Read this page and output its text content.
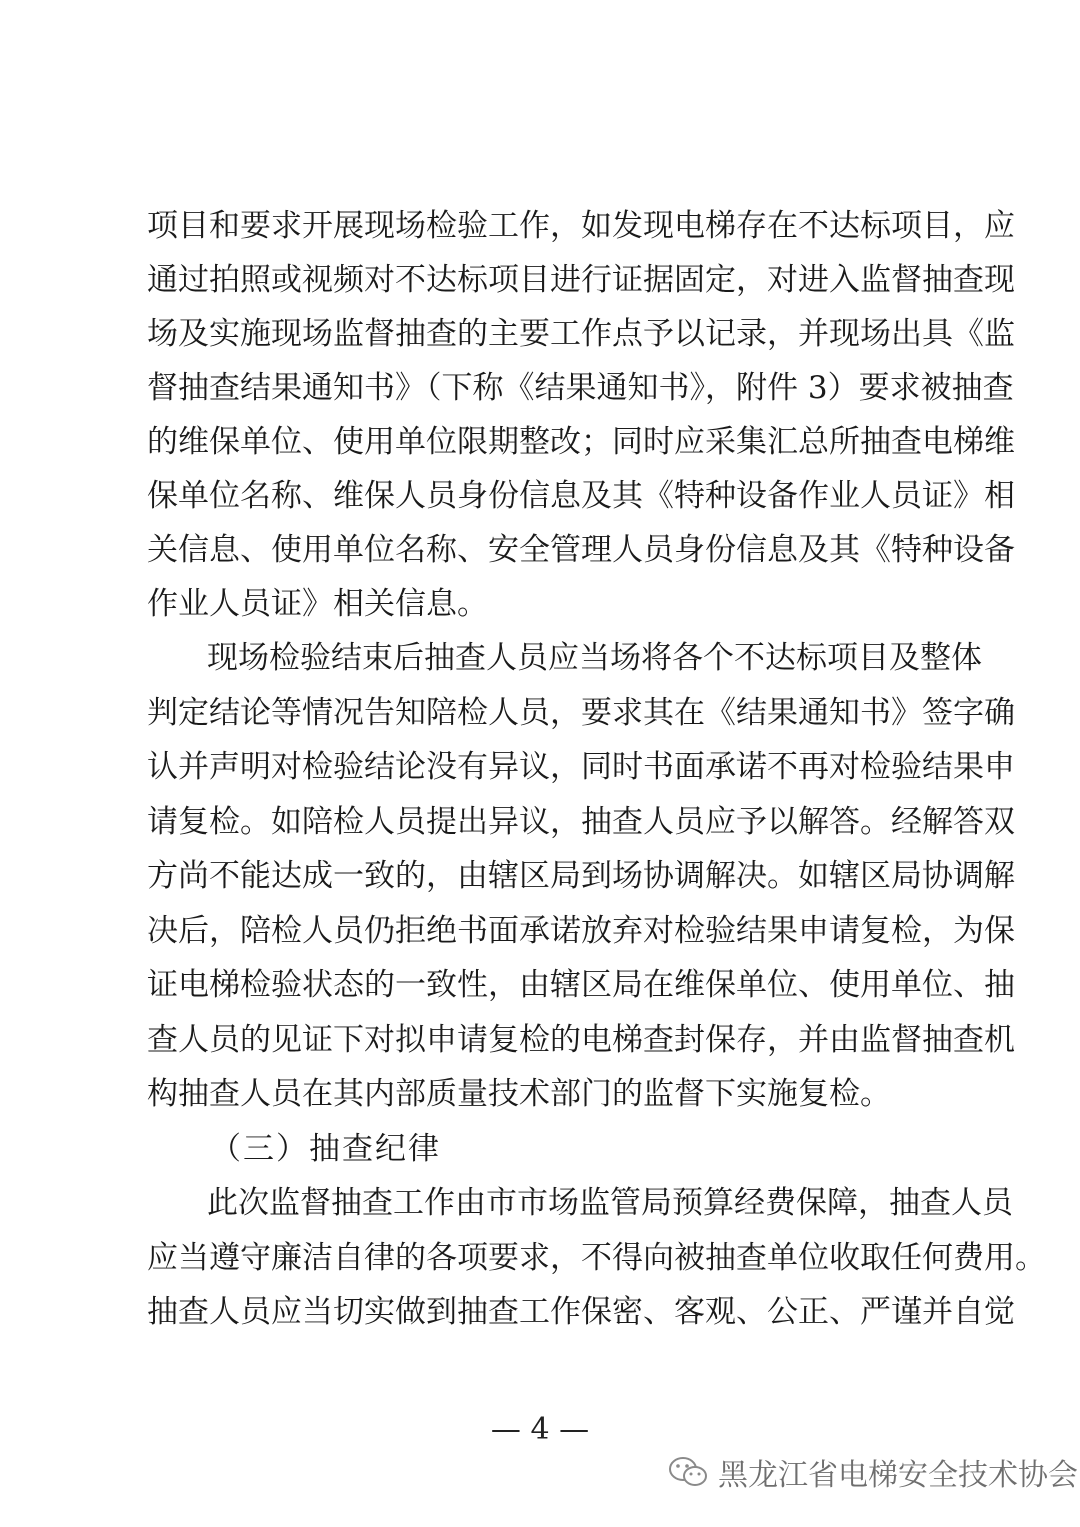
项目和要求开展现场检验工作，如发现电梯存在不达标项目，应
通过拍照或视频对不达标项目进行证据固定，对进入监督抽查现
场及实施现场监督抽查的主要工作点予以记录，并现场出具《监
督抽查结果通知书》（下称《结果通知书》，附件 3）要求被抽查
的维保单位、使用单位限期整改；同时应采集汇总所抽查电梯维
保单位名称、维保人员身份信息及其《特种设备作业人员证》相
关信息、使用单位名称、安全管理人员身份信息及其《特种设备
作业人员证》相关信息。
现场检验结束后抽查人员应当场将各个不达标项目及整体
判定结论等情况告知陪检人员，要求其在《结果通知书》签字确
认并声明对检验结论没有异议，同时书面承诺不再对检验结果申
请复检。如陪检人员提出异议，抽查人员应予以解答。经解答双
方尚不能达成一致的，由辖区局到场协调解决。如辖区局协调解
决后，陪检人员仍拒绝书面承诺放弃对检验结果申请复检，为保
证电梯检验状态的一致性，由辖区局在维保单位、使用单位、抽
查人员的见证下对拟申请复检的电梯查封保存，并由监督抽查机
构抽查人员在其内部质量技术部门的监督下实施复检。
（三）抽查纪律
此次监督抽查工作由市市场监管局预算经费保障，抽查人员
应当遵守廉洁自律的各项要求，不得向被抽查单位收取任何费用。
抽查人员应当切实做到抽查工作保密、客观、公正、严谨并自觉
— 4 —
黑龙江省电梯安全技术协会
